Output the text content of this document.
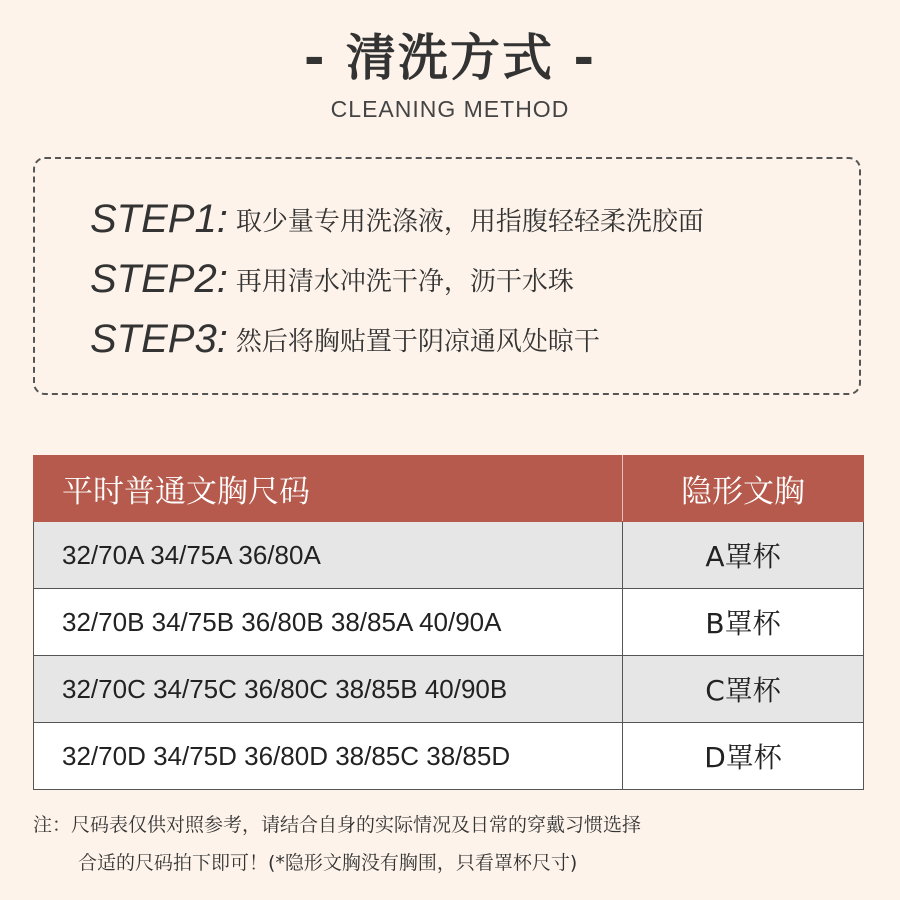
- 清洗方式 -
CLEANING METHOD
STEP1: 取少量专用洗涤液，用指腹轻轻柔洗胶面
STEP2: 再用清水冲洗干净，沥干水珠
STEP3: 然后将胸贴置于阴凉通风处晾干
平时普通文胸尺码	隐形文胸
32/70A 34/75A 36/80A	A罩杯
32/70B 34/75B 36/80B 38/85A 40/90A	B罩杯
32/70C 34/75C 36/80C 38/85B 40/90B	C罩杯
32/70D 34/75D 36/80D 38/85C 38/85D	D罩杯
注：尺码表仅供对照参考，请结合自身的实际情况及日常的穿戴习惯选择
合适的尺码拍下即可！(*隐形文胸没有胸围，只看罩杯尺寸)
